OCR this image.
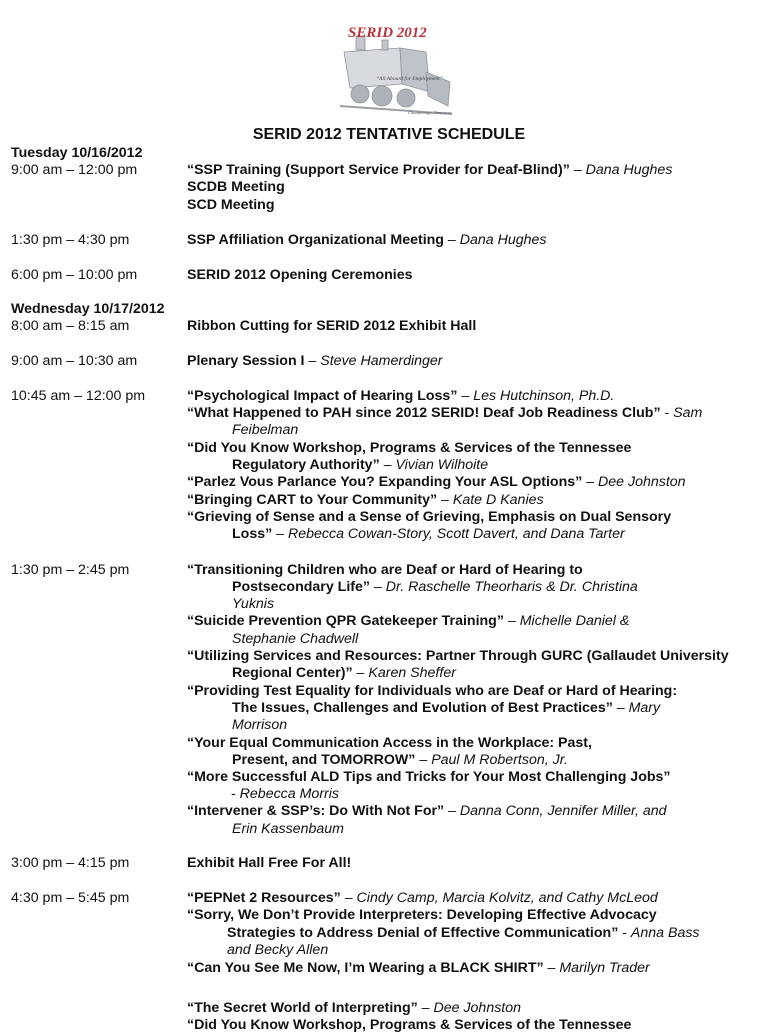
SERID 2012
“All Aboard for Employment”
Chattanooga, Tennessee
SERID 2012 TENTATIVE SCHEDULE
Tuesday 10/16/2012
Wednesday 10/17/2012
9:00 am – 12:00 pm
1:30 pm – 4:30 pm
6:00 pm – 10:00 pm
8:00 am – 8:15 am
9:00 am – 10:30 am
10:45 am – 12:00 pm
1:30 pm – 2:45 pm
3:00 pm – 4:15 pm
4:30 pm – 5:45 pm
“SSP Training (Support Service Provider for Deaf-Blind)” – Dana Hughes
SCDB Meeting
SCD Meeting
SSP Affiliation Organizational Meeting – Dana Hughes
SERID 2012 Opening Ceremonies
Ribbon Cutting for SERID 2012 Exhibit Hall
Plenary Session I – Steve Hamerdinger
“Psychological Impact of Hearing Loss” – Les Hutchinson, Ph.D.
“What Happened to PAH since 2012 SERID! Deaf Job Readiness Club” - Sam
Feibelman
“Did You Know Workshop, Programs & Services of the Tennessee
Regulatory Authority” – Vivian Wilhoite
“Parlez Vous Parlance You? Expanding Your ASL Options” – Dee Johnston
“Bringing CART to Your Community” – Kate D Kanies
“Grieving of Sense and a Sense of Grieving, Emphasis on Dual Sensory
Loss” – Rebecca Cowan-Story, Scott Davert, and Dana Tarter
“Transitioning Children who are Deaf or Hard of Hearing to
Postsecondary Life” – Dr. Raschelle Theorharis & Dr. Christina
Yuknis
“Suicide Prevention QPR Gatekeeper Training” – Michelle Daniel &
Stephanie Chadwell
“Utilizing Services and Resources: Partner Through GURC (Gallaudet University
Regional Center)” – Karen Sheffer
“Providing Test Equality for Individuals who are Deaf or Hard of Hearing:
The Issues, Challenges and Evolution of Best Practices” – Mary
Morrison
“Your Equal Communication Access in the Workplace: Past,
Present, and TOMORROW” – Paul M Robertson, Jr.
“More Successful ALD Tips and Tricks for Your Most Challenging Jobs”
- Rebecca Morris
“Intervener & SSP’s: Do With Not For” – Danna Conn, Jennifer Miller, and
Erin Kassenbaum
Exhibit Hall Free For All!
“PEPNet 2 Resources” – Cindy Camp, Marcia Kolvitz, and Cathy McLeod
“Sorry, We Don’t Provide Interpreters: Developing Effective Advocacy
Strategies to Address Denial of Effective Communication” - Anna Bass
and Becky Allen
“Can You See Me Now, I’m Wearing a BLACK SHIRT” – Marilyn Trader
“The Secret World of Interpreting” – Dee Johnston
“Did You Know Workshop, Programs & Services of the Tennessee
